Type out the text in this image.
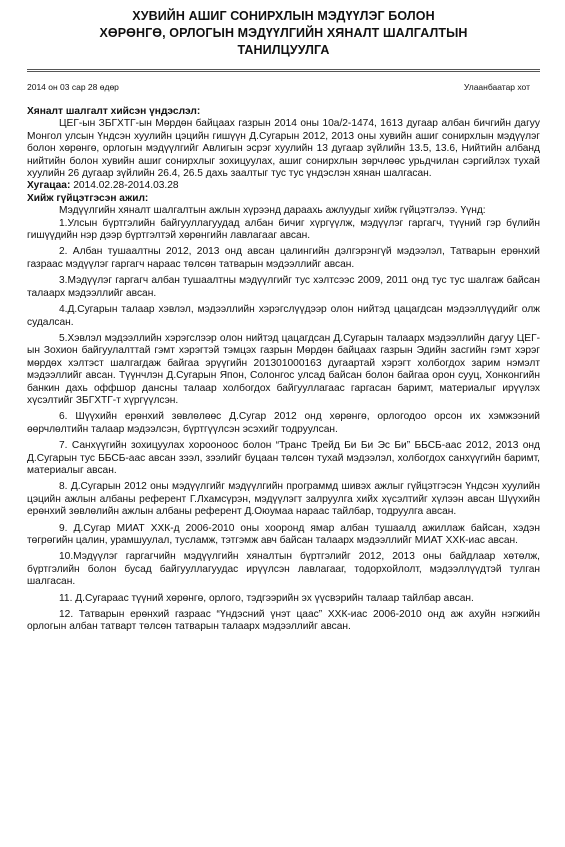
ХУВИЙН АШИГ СОНИРХЛЫН МЭДҮҮЛЭГ БОЛОН
ХӨРӨНГӨ, ОРЛОГЫН МЭДҮҮЛГИЙН ХЯНАЛТ ШАЛГАЛТЫН
ТАНИЛЦУУЛГА
2014 он 03 сар 28 өдөр	Улаанбаатар хот

Хяналт шалгалт хийсэн үндэслэл:

ЦЕГ-ын ЗБГХТГ-ын Мөрдөн байцаах газрын 2014 оны 10а/2-1474, 1613 дугаар албан бичгийн дагуу Монгол улсын Үндсэн хуулийн цэцийн гишүүн Д.Сугарын 2012, 2013 оны хувийн ашиг сонирхлын мэдүүлэг болон хөрөнгө, орлогын мэдүүлгийг Авлигын эсрэг хуулийн 13 дугаар зүйлийн 13.5, 13.6, Нийтийн албанд нийтийн болон хувийн ашиг сонирхлыг зохицуулах, ашиг сонирхлын зөрчлөөс урьдчилан сэргийлэх тухай хуулийн 26 дугаар зүйлийн 26.4, 26.5 дахь заалтыг тус тус үндэслэн хянан шалгасан.

Хугацаа: 2014.02.28-2014.03.28

Хийж гүйцэтгэсэн ажил:

Мэдүүлгийн хяналт шалгалтын ажлын хүрээнд дараахь ажлуудыг хийж гүйцэтгэлээ. Үүнд:

1.Улсын бүртгэлийн байгууллагуудад албан бичиг хүргүүлж, мэдүүлэг гаргагч, түүний гэр бүлийн гишүүдийн нэр дээр бүртгэлтэй хөрөнгийн лавлагааг авсан.

2. Албан тушаалтны 2012, 2013 онд авсан цалингийн дэлгэрэнгүй мэдээлэл, Татварын ерөнхий газраас мэдүүлэг гаргагч нараас төлсөн татварын мэдээллийг авсан.

3.Мэдүүлэг гаргагч албан тушаалтны мэдүүлгийг тус хэлтсээс 2009, 2011 онд тус тус шалгаж байсан талаарх мэдээллийг авсан.

4.Д.Сугарын талаар хэвлэл, мэдээллийн хэрэгслүүдээр олон нийтэд цацагдсан мэдээллүүдийг олж судалсан.

5.Хэвлэл мэдээллийн хэрэгслээр олон нийтэд цацагдсан Д.Сугарын талаарх мэдээллийн дагуу ЦЕГ-ын Зохион байгуулалттай гэмт хэрэгтэй тэмцэх газрын Мөрдөн байцаах газрын Эдийн засгийн гэмт хэрэг мөрдөх хэлтэст шалгагдаж байгаа эрүүгийн 201301000163 дугаартай хэрэгт холбогдох зарим нэмэлт мэдээллийг авсан. Түүнчлэн Д.Сугарын Япон, Солонгос улсад байсан болон байгаа орон сууц, Хонконгийн банкин дахь оффшор дансны талаар холбогдох байгууллагаас гаргасан баримт, материалыг ирүүлэх хүсэлтийг ЗБГХТГ-т хүргүүлсэн.

6. Шүүхийн ерөнхий зөвлөлөөс Д.Сугар 2012 онд хөрөнгө, орлогодоо орсон их хэмжээний өөрчлөлтийн талаар мэдээлсэн, бүртгүүлсэн эсэхийг тодруулсан.

7. Санхүүгийн зохицуулах хорооноос болон “Транс Трейд Би Би Эс Би” ББСБ-аас 2012, 2013 онд Д.Сугарын тус ББСБ-аас авсан зээл, зээлийг буцаан төлсөн тухай мэдээлэл, холбогдох санхүүгийн баримт, материалыг авсан.

8. Д.Сугарын 2012 оны мэдүүлгийг мэдүүлгийн программд шивэх ажлыг гүйцэтгэсэн Үндсэн хуулийн цэцийн ажлын албаны референт Г.Лхамсүрэн, мэдүүлэгт залруулга хийх хүсэлтийг хүлээн авсан Шүүхийн ерөнхий зөвлөлийн ажлын албаны референт Д.Оюумаа нараас тайлбар, тодруулга авсан.

9. Д.Сугар МИАТ ХХК-д 2006-2010 оны хооронд ямар албан тушаалд ажиллаж байсан, хэдэн төгрөгийн цалин, урамшуулал, тусламж, тэтгэмж авч байсан талаарх мэдээллийг МИАТ ХХК-иас авсан.

10.Мэдүүлэг гаргагчийн мэдүүлгийн хяналтын бүртгэлийг 2012, 2013 оны байдлаар хөтөлж, бүртгэлийн болон бусад байгууллагуудас ирүүлсэн лавлагааг, тодорхойлолт, мэдээллүүдтэй тулган шалгасан.

11. Д.Сугараас түүний хөрөнгө, орлого, тэдгээрийн эх үүсвэрийн талаар тайлбар авсан.

12. Татварын ерөнхий газраас “Үндэсний үнэт цаас” ХХК-иас 2006-2010 онд аж ахуйн нэгжийн орлогын албан татварт төлсөн татварын талаарх мэдээллийг авсан.
